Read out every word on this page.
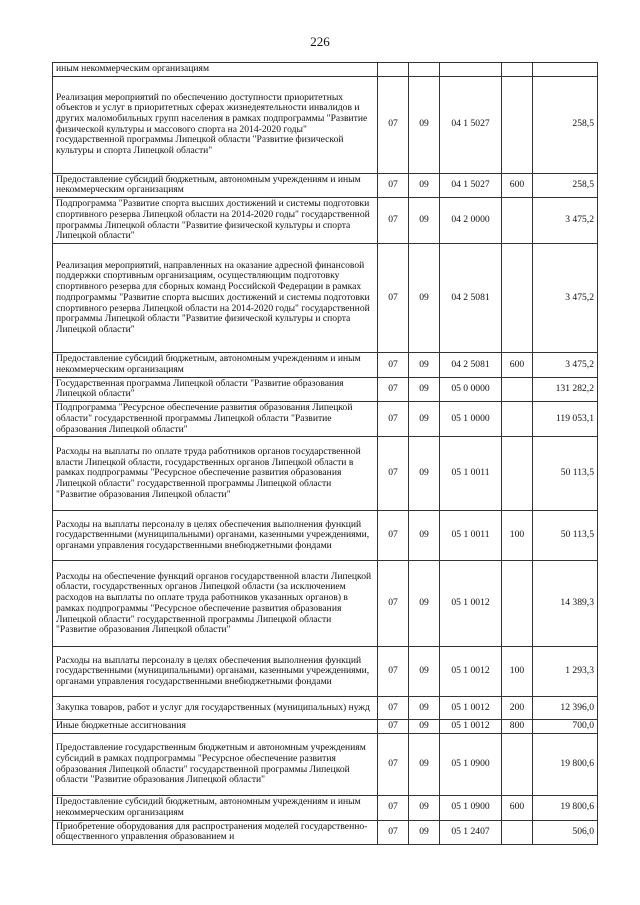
226
иным некоммерческим организациям					
Реализация мероприятий по обеспечению доступности приоритетных объектов и услуг в приоритетных сферах жизнедеятельности инвалидов и других маломобильных групп населения в рамках подпрограммы "Развитие физической культуры и массового спорта на 2014-2020 годы" государственной программы Липецкой области "Развитие физической культуры и спорта Липецкой области"	07	09	04 1 5027		258,5
Предоставление субсидий бюджетным, автономным учреждениям и иным некоммерческим организациям	07	09	04 1 5027	600	258,5
Подпрограмма "Развитие спорта высших достижений и системы подготовки спортивного резерва Липецкой области на 2014-2020 годы" государственной программы Липецкой области "Развитие физической культуры и спорта Липецкой области"	07	09	04 2 0000		3 475,2
Реализация мероприятий, направленных на оказание адресной финансовой поддержки спортивным организациям, осуществляющим подготовку спортивного резерва для сборных команд Российской Федерации в рамках подпрограммы "Развитие спорта высших достижений и системы подготовки спортивного резерва Липецкой области на 2014-2020 годы" государственной программы Липецкой области "Развитие физической культуры и спорта Липецкой области"	07	09	04 2 5081		3 475,2
Предоставление субсидий бюджетным, автономным учреждениям и иным некоммерческим организациям	07	09	04 2 5081	600	3 475,2
Государственная программа Липецкой области "Развитие образования Липецкой области"	07	09	05 0 0000		131 282,2
Подпрограмма "Ресурсное обеспечение развития образования Липецкой области" государственной программы Липецкой области "Развитие образования Липецкой области"	07	09	05 1 0000		119 053,1
Расходы на выплаты по оплате труда работников органов государственной власти Липецкой области, государственных органов Липецкой области в рамках подпрограммы "Ресурсное обеспечение развития образования Липецкой области" государственной программы Липецкой области "Развитие образования Липецкой области"	07	09	05 1 0011		50 113,5
Расходы на выплаты персоналу в целях обеспечения выполнения функций государственными (муниципальными) органами, казенными учреждениями, органами управления государственными внебюджетными фондами	07	09	05 1 0011	100	50 113,5
Расходы на обеспечение функций органов государственной власти Липецкой области, государственных органов Липецкой области (за исключением расходов на выплаты по оплате труда работников указанных органов) в рамках подпрограммы "Ресурсное обеспечение развития образования Липецкой области" государственной программы Липецкой области "Развитие образования Липецкой области"	07	09	05 1 0012		14 389,3
Расходы на выплаты персоналу в целях обеспечения выполнения функций государственными (муниципальными) органами, казенными учреждениями, органами управления государственными внебюджетными фондами	07	09	05 1 0012	100	1 293,3
Закупка товаров, работ и услуг для государственных (муниципальных) нужд	07	09	05 1 0012	200	12 396,0
Иные бюджетные ассигнования	07	09	05 1 0012	800	700,0
Предоставление государственным бюджетным и автономным учреждениям субсидий в рамках подпрограммы "Ресурсное обеспечение развития образования Липецкой области" государственной программы Липецкой области "Развитие образования Липецкой области"	07	09	05 1 0900		19 800,6
Предоставление субсидий бюджетным, автономным учреждениям и иным некоммерческим организациям	07	09	05 1 0900	600	19 800,6
Приобретение оборудования для распространения моделей государственно-общественного управления образованием и	07	09	05 1 2407		506,0
